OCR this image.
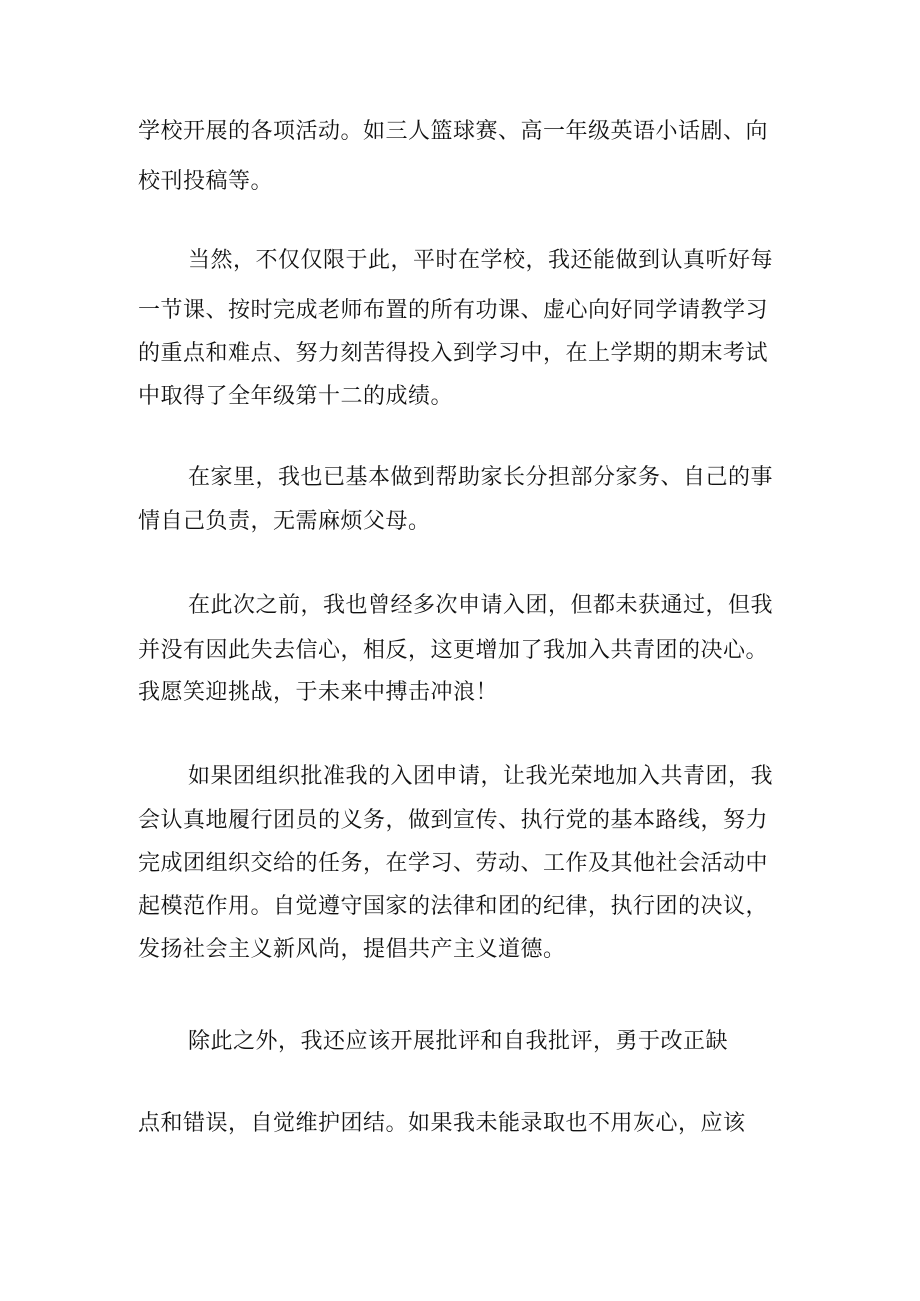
学校开展的各项活动。如三人篮球赛、高一年级英语小话剧、向
校刊投稿等。
当然，不仅仅限于此，平时在学校，我还能做到认真听好每
一节课、按时完成老师布置的所有功课、虚心向好同学请教学习
的重点和难点、努力刻苦得投入到学习中，在上学期的期末考试
中取得了全年级第十二的成绩。
在家里，我也已基本做到帮助家长分担部分家务、自己的事
情自己负责，无需麻烦父母。
在此次之前，我也曾经多次申请入团，但都未获通过，但我
并没有因此失去信心，相反，这更增加了我加入共青团的决心。
我愿笑迎挑战，于未来中搏击冲浪！
如果团组织批准我的入团申请，让我光荣地加入共青团，我
会认真地履行团员的义务，做到宣传、执行党的基本路线，努力
完成团组织交给的任务，在学习、劳动、工作及其他社会活动中
起模范作用。自觉遵守国家的法律和团的纪律，执行团的决议，
发扬社会主义新风尚，提倡共产主义道德。
除此之外，我还应该开展批评和自我批评，勇于改正缺
点和错误，自觉维护团结。如果我未能录取也不用灰心，应该
